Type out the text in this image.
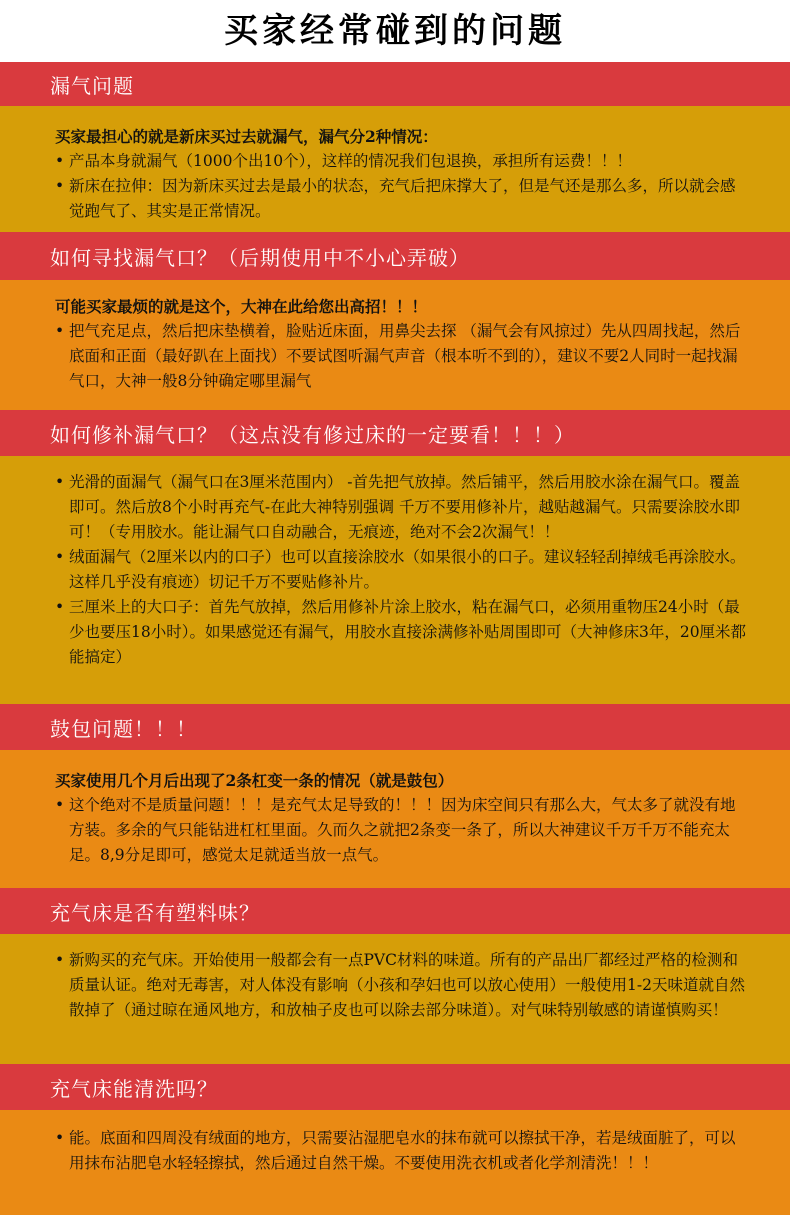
买家经常碰到的问题
漏气问题
买家最担心的就是新床买过去就漏气，漏气分2种情况：
• 产品本身就漏气（1000个出10个），这样的情况我们包退换，承担所有运费！！！
• 新床在拉伸：因为新床买过去是最小的状态，充气后把床撑大了，但是气还是那么多，所以就会感觉跑气了、其实是正常情况。
如何寻找漏气口？（后期使用中不小心弄破）
可能买家最烦的就是这个，大神在此给您出高招！！！
• 把气充足点，然后把床垫横着，脸贴近床面，用鼻尖去探 （漏气会有风掠过）先从四周找起，然后底面和正面（最好趴在上面找）不要试图听漏气声音（根本听不到的），建议不要2人同时一起找漏气口，大神一般8分钟确定哪里漏气
如何修补漏气口？（这点没有修过床的一定要看！！！）
• 光滑的面漏气（漏气口在3厘米范围内） -首先把气放掉。然后铺平，然后用胶水涂在漏气口。覆盖即可。然后放8个小时再充气-在此大神特别强调 千万不要用修补片，越贴越漏气。只需要涂胶水即可！（专用胶水。能让漏气口自动融合，无痕迹，绝对不会2次漏气！！
• 绒面漏气（2厘米以内的口子）也可以直接涂胶水（如果很小的口子。建议轻轻刮掉绒毛再涂胶水。这样几乎没有痕迹）切记千万不要贴修补片。
• 三厘米上的大口子：首先气放掉，然后用修补片涂上胶水，粘在漏气口，必须用重物压24小时（最少也要压18小时）。如果感觉还有漏气，用胶水直接涂满修补贴周围即可（大神修床3年，20厘米都能搞定）
鼓包问题！！！
买家使用几个月后出现了2条杠变一条的情况（就是鼓包）
• 这个绝对不是质量问题！！！是充气太足导致的！！！因为床空间只有那么大，气太多了就没有地方装。多余的气只能钻进杠杠里面。久而久之就把2条变一条了，所以大神建议千万千万不能充太足。8,9分足即可，感觉太足就适当放一点气。
充气床是否有塑料味？
• 新购买的充气床。开始使用一般都会有一点PVC材料的味道。所有的产品出厂都经过严格的检测和质量认证。绝对无毒害，对人体没有影响（小孩和孕妇也可以放心使用）一般使用1-2天味道就自然散掉了（通过晾在通风地方，和放柚子皮也可以除去部分味道）。对气味特别敏感的请谨慎购买！
充气床能清洗吗？
• 能。底面和四周没有绒面的地方，只需要沾湿肥皂水的抹布就可以擦拭干净，若是绒面脏了，可以用抹布沾肥皂水轻轻擦拭，然后通过自然干燥。不要使用洗衣机或者化学剂清洗！！！
